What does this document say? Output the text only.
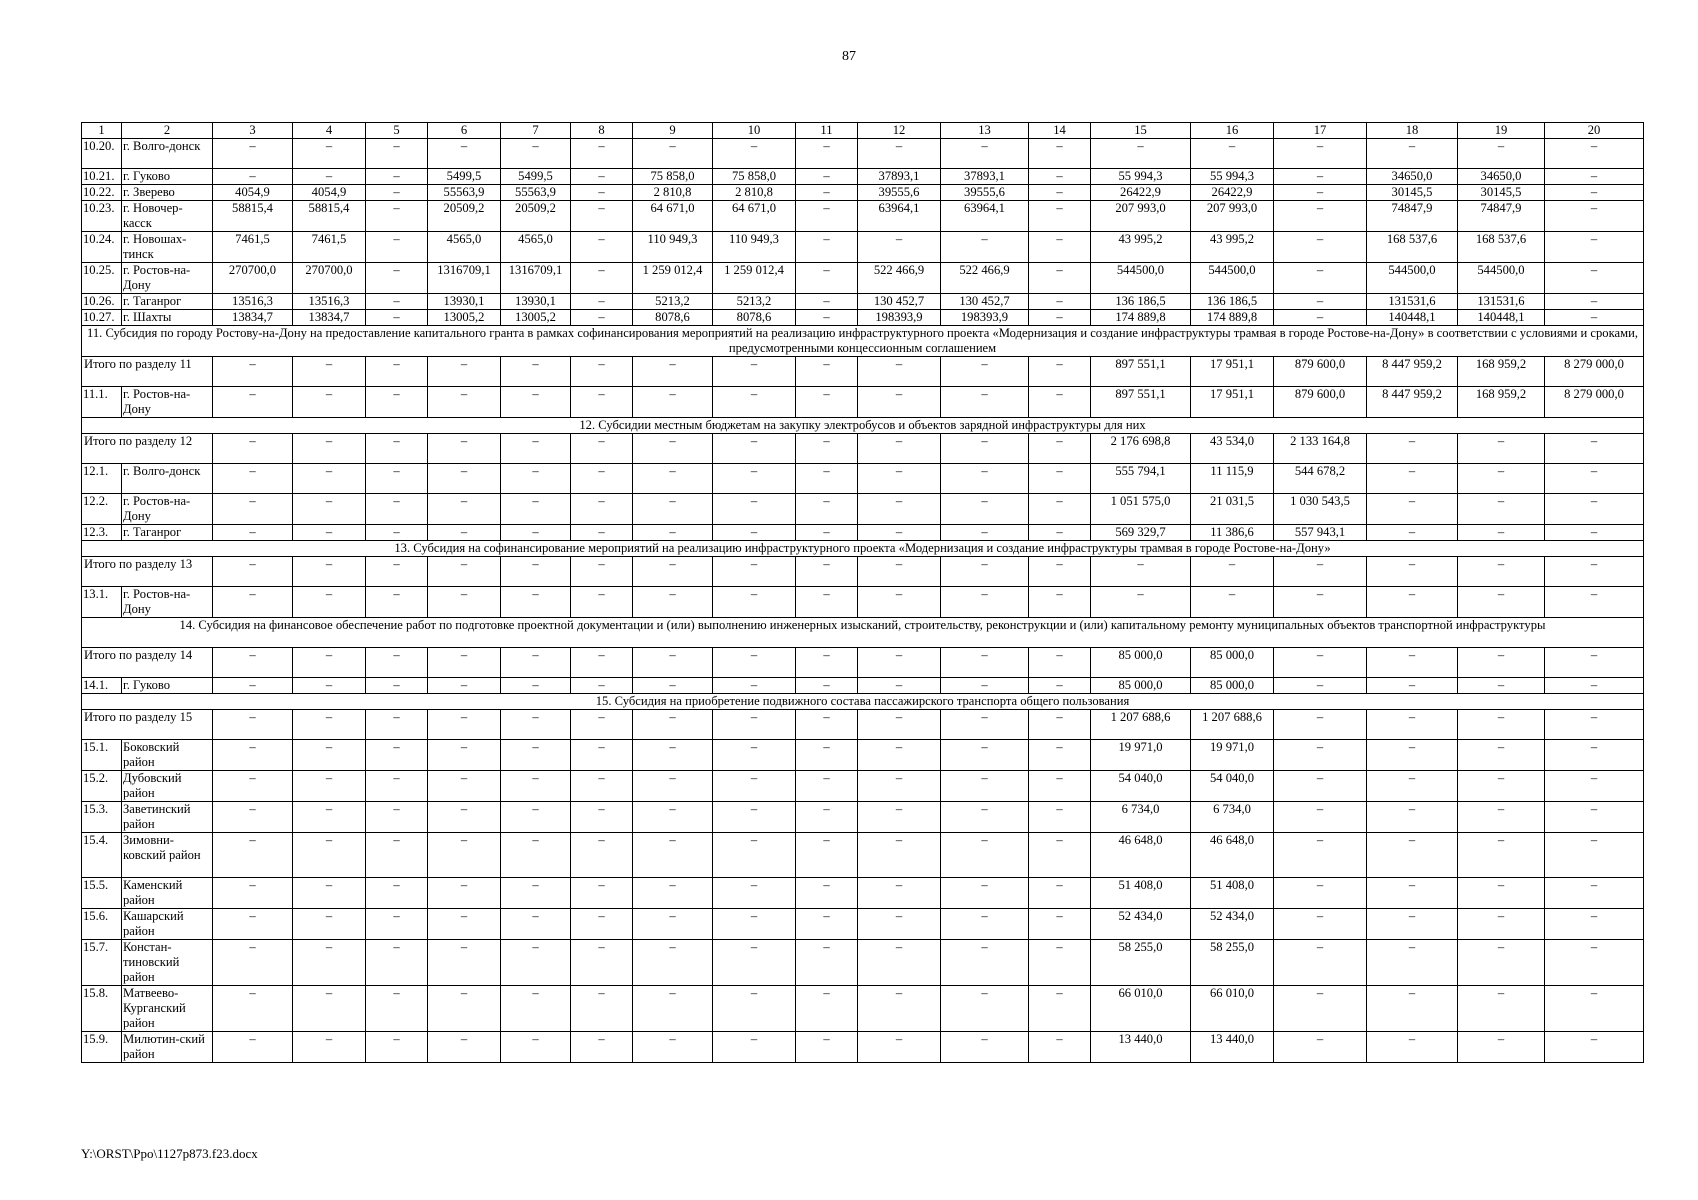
87
1	2	3	4	5	6	7	8	9	10	11	12	13	14	15	16	17	18	19	20
10.20.	г. Волго-донск	–	–	–	–	–	–	–	–	–	–	–	–	–	–	–	–	–	–
10.21.	г. Гуково	–	–	–	5499,5	5499,5	–	75 858,0	75 858,0	–	37893,1	37893,1	–	55 994,3	55 994,3	–	34650,0	34650,0	–
10.22.	г. Зверево	4054,9	4054,9	–	55563,9	55563,9	–	2 810,8	2 810,8	–	39555,6	39555,6	–	26422,9	26422,9	–	30145,5	30145,5	–
10.23.	г. Новочер-касск	58815,4	58815,4	–	20509,2	20509,2	–	64 671,0	64 671,0	–	63964,1	63964,1	–	207 993,0	207 993,0	–	74847,9	74847,9	–
10.24.	г. Новошах-тинск	7461,5	7461,5	–	4565,0	4565,0	–	110 949,3	110 949,3	–	–	–	–	43 995,2	43 995,2	–	168 537,6	168 537,6	–
10.25.	г. Ростов-на-Дону	270700,0	270700,0	–	1316709,1	1316709,1	–	1 259 012,4	1 259 012,4	–	522 466,9	522 466,9	–	544500,0	544500,0	–	544500,0	544500,0	–
10.26.	г. Таганрог	13516,3	13516,3	–	13930,1	13930,1	–	5213,2	5213,2	–	130 452,7	130 452,7	–	136 186,5	136 186,5	–	131531,6	131531,6	–
10.27.	г. Шахты	13834,7	13834,7	–	13005,2	13005,2	–	8078,6	8078,6	–	198393,9	198393,9	–	174 889,8	174 889,8	–	140448,1	140448,1	–
11. Субсидия по городу Ростову-на-Дону на предоставление капитального гранта в рамках софинансирования мероприятий на реализацию инфраструктурного проекта «Модернизация и создание инфраструктуры трамвая в городе Ростове-на-Дону» в соответствии с условиями и сроками, предусмотренными концессионным соглашением																			
Итого по разделу 11		–	–	–	–	–	–	–	–	–	–	–	–	897 551,1	17 951,1	879 600,0	8 447 959,2	168 959,2	8 279 000,0
11.1.	г. Ростов-на-Дону	–	–	–	–	–	–	–	–	–	–	–	–	897 551,1	17 951,1	879 600,0	8 447 959,2	168 959,2	8 279 000,0
12. Субсидии местным бюджетам на закупку электробусов и объектов зарядной инфраструктуры для них																			
Итого по разделу 12		–	–	–	–	–	–	–	–	–	–	–	–	2 176 698,8	43 534,0	2 133 164,8	–	–	–
12.1.	г. Волго-донск	–	–	–	–	–	–	–	–	–	–	–	–	555 794,1	11 115,9	544 678,2	–	–	–
12.2.	г. Ростов-на-Дону	–	–	–	–	–	–	–	–	–	–	–	–	1 051 575,0	21 031,5	1 030 543,5	–	–	–
12.3.	г. Таганрог	–	–	–	–	–	–	–	–	–	–	–	–	569 329,7	11 386,6	557 943,1	–	–	–
13. Субсидия на софинансирование мероприятий на реализацию инфраструктурного проекта «Модернизация и создание инфраструктуры трамвая в городе Ростове-на-Дону»																			
Итого по разделу 13		–	–	–	–	–	–	–	–	–	–	–	–	–	–	–	–	–	–
13.1.	г. Ростов-на-Дону	–	–	–	–	–	–	–	–	–	–	–	–	–	–	–	–	–	–
14. Субсидия на финансовое обеспечение работ по подготовке проектной документации и (или) выполнению инженерных изысканий, строительству, реконструкции и (или) капитальному ремонту муниципальных объектов транспортной инфраструктуры																			
Итого по разделу 14		–	–	–	–	–	–	–	–	–	–	–	–	85 000,0	85 000,0	–	–	–	–
14.1.	г. Гуково	–	–	–	–	–	–	–	–	–	–	–	–	85 000,0	85 000,0	–	–	–	–
15. Субсидия на приобретение подвижного состава пассажирского транспорта общего пользования																			
Итого по разделу 15		–	–	–	–	–	–	–	–	–	–	–	–	1 207 688,6	1 207 688,6	–	–	–	–
15.1.	Боковский район	–	–	–	–	–	–	–	–	–	–	–	–	19 971,0	19 971,0	–	–	–	–
15.2.	Дубовский район	–	–	–	–	–	–	–	–	–	–	–	–	54 040,0	54 040,0	–	–	–	–
15.3.	Заветинский район	–	–	–	–	–	–	–	–	–	–	–	–	6 734,0	6 734,0	–	–	–	–
15.4.	Зимовни-ковский район	–	–	–	–	–	–	–	–	–	–	–	–	46 648,0	46 648,0	–	–	–	–
15.5.	Каменский район	–	–	–	–	–	–	–	–	–	–	–	–	51 408,0	51 408,0	–	–	–	–
15.6.	Кашарский район	–	–	–	–	–	–	–	–	–	–	–	–	52 434,0	52 434,0	–	–	–	–
15.7.	Констан-тиновский район	–	–	–	–	–	–	–	–	–	–	–	–	58 255,0	58 255,0	–	–	–	–
15.8.	Матвеево-Курганский район	–	–	–	–	–	–	–	–	–	–	–	–	66 010,0	66 010,0	–	–	–	–
15.9.	Милютин-ский район	–	–	–	–	–	–	–	–	–	–	–	–	13 440,0	13 440,0	–	–	–	–
Y:\ORST\Ppo\1127p873.f23.docx
